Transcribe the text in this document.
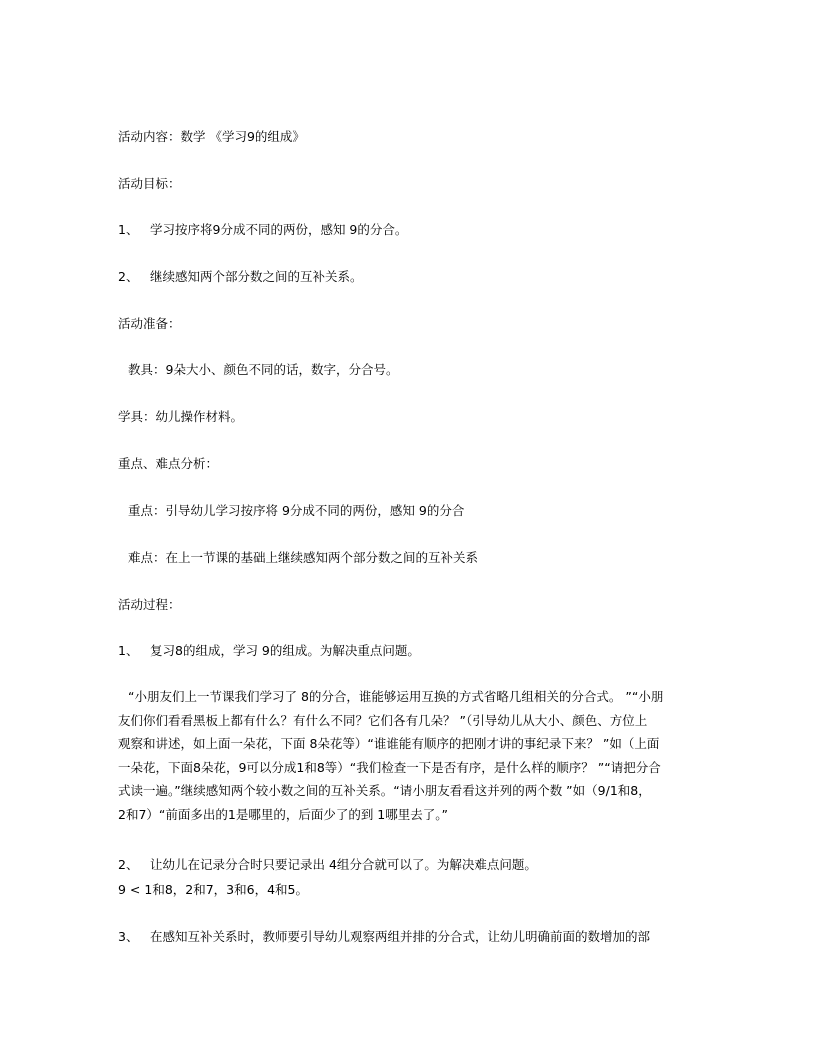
活动内容：数学 《学习9的组成》
活动目标：
1、 学习按序将9分成不同的两份，感知 9的分合。
2、 继续感知两个部分数之间的互补关系。
活动准备：
教具：9朵大小、颜色不同的话，数字，分合号。
学具：幼儿操作材料。
重点、难点分析：
重点：引导幼儿学习按序将 9分成不同的两份，感知 9的分合
难点：在上一节课的基础上继续感知两个部分数之间的互补关系
活动过程：
1、 复习8的组成，学习 9的组成。为解决重点问题。

“小朋友们上一节课我们学习了 8的分合，谁能够运用互换的方式省略几组相关的分合式。 ”“小朋

友们你们看看黑板上都有什么？有什么不同？它们各有几朵？ ”（引导幼儿从大小、颜色、方位上

观察和讲述，如上面一朵花，下面 8朵花等）“谁谁能有顺序的把刚才讲的事纪录下来？ ”如（上面

一朵花，下面8朵花，9可以分成1和8等）“我们检查一下是否有序，是什么样的顺序？ ”“请把分合

式读一遍。”继续感知两个较小数之间的互补关系。“请小朋友看看这并列的两个数 ”如（9/1和8，

2和7）“前面多出的1是哪里的，后面少了的到 1哪里去了。”

2、 让幼儿在记录分合时只要记录出 4组分合就可以了。为解决难点问题。
9 < 1和8，2和7，3和6，4和5。
3、 在感知互补关系时，教师要引导幼儿观察两组并排的分合式，让幼儿明确前面的数增加的部
